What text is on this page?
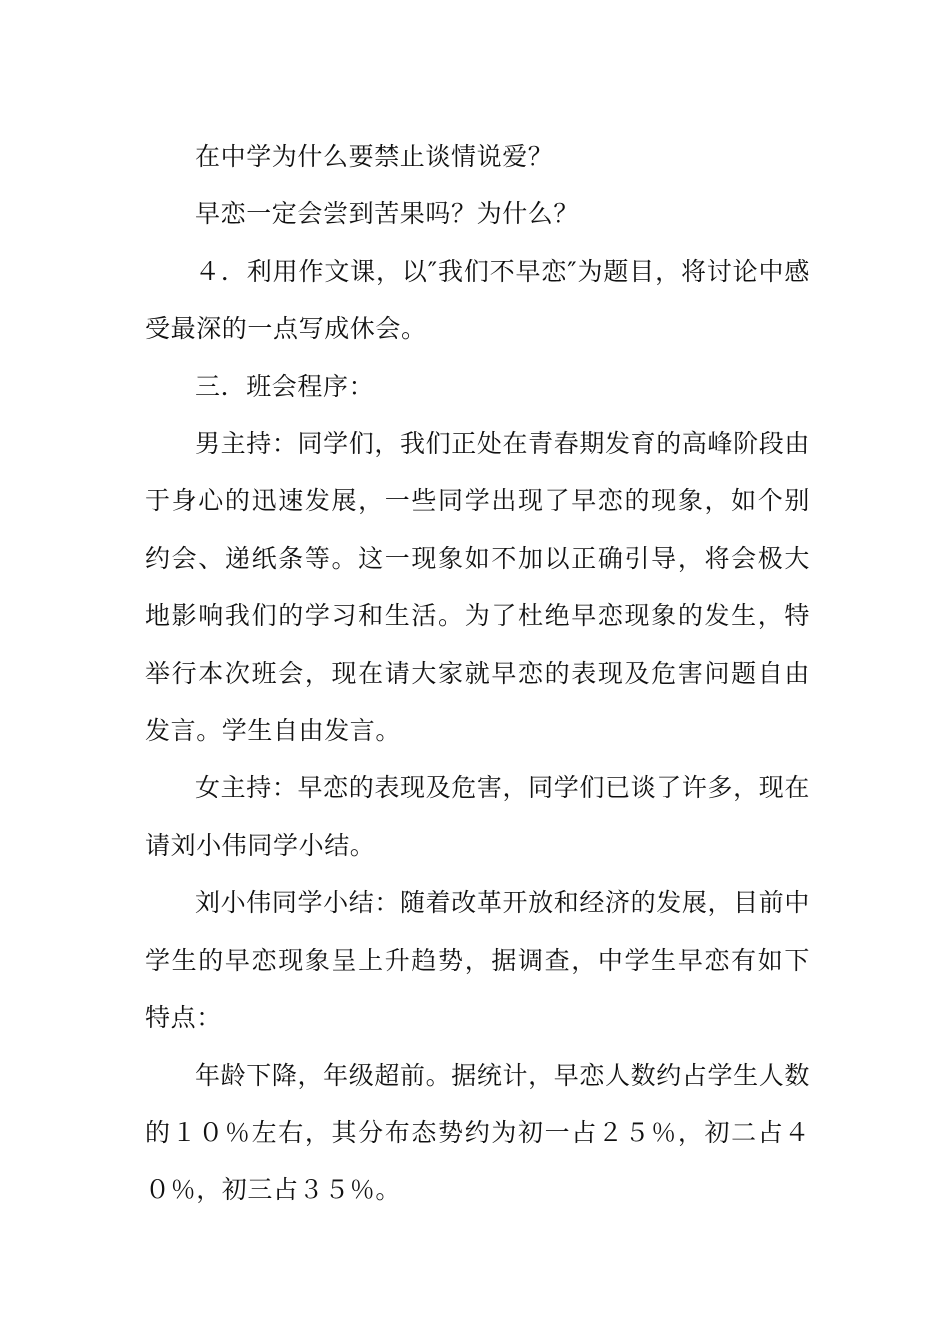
在中学为什么要禁止谈情说爱？

早恋一定会尝到苦果吗？为什么？

４．利用作文课，以″我们不早恋″为题目，将讨论中感受最深的一点写成休会。

三．班会程序：

男主持：同学们，我们正处在青春期发育的高峰阶段由于身心的迅速发展，一些同学出现了早恋的现象，如个别约会、递纸条等。这一现象如不加以正确引导，将会极大地影响我们的学习和生活。为了杜绝早恋现象的发生，特举行本次班会，现在请大家就早恋的表现及危害问题自由发言。学生自由发言。

女主持：早恋的表现及危害，同学们已谈了许多，现在请刘小伟同学小结。

刘小伟同学小结：随着改革开放和经济的发展，目前中学生的早恋现象呈上升趋势，据调查，中学生早恋有如下特点：

年龄下降，年级超前。据统计，早恋人数约占学生人数的１０％左右，其分布态势约为初一占２５％，初二占４０％，初三占３５％。
